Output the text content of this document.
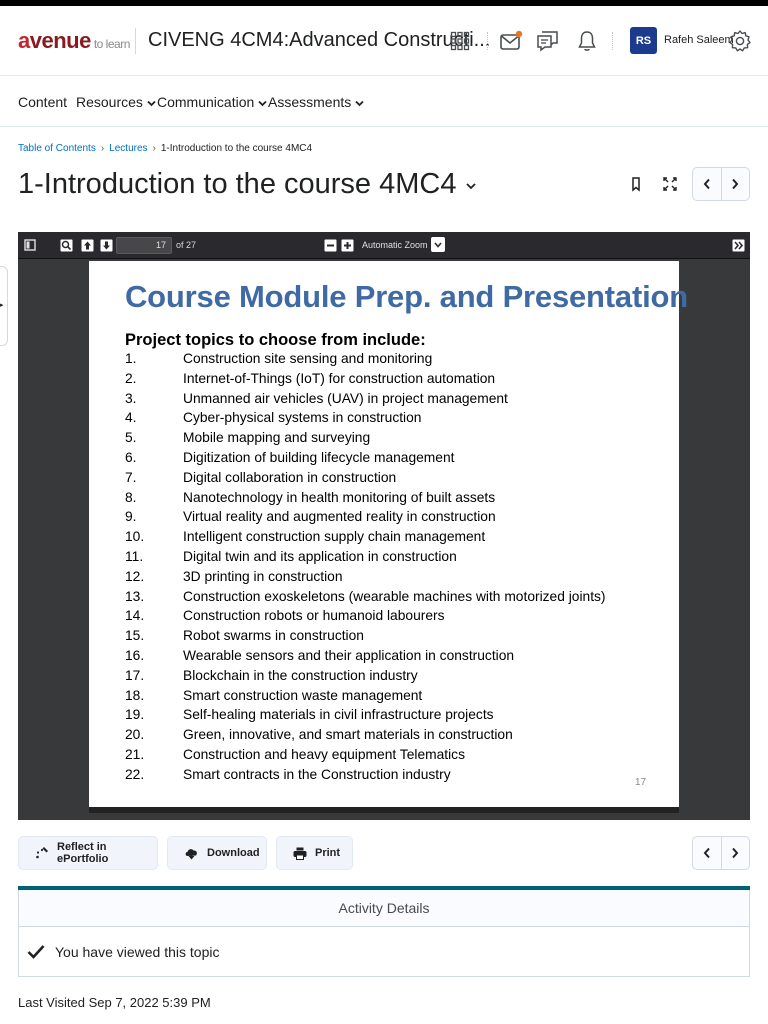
avenue to learn CIVENG 4CM4:Advanced Constructi...	RS	Rafeh Saleem
Content Resources	Communication Assessments
Table of Contents › Lectures › 1-Introduction to the course 4MC4
1-Introduction to the course 4MC4
▸
17	of 27	Automatic Zoom
Course Module Prep. and Presentation
Project topics to choose from include:
1.	Construction site sensing and monitoring
2.	Internet-of-Things (IoT) for construction automation
3.	Unmanned air vehicles (UAV) in project management
4.	Cyber-physical systems in construction
5.	Mobile mapping and surveying
6.	Digitization of building lifecycle management
7.	Digital collaboration in construction
8.	Nanotechnology in health monitoring of built assets
9.	Virtual reality and augmented reality in construction
10.	Intelligent construction supply chain management
11.	Digital twin and its application in construction
12.	3D printing in construction
13.	Construction exoskeletons (wearable machines with motorized joints)
14.	Construction robots or humanoid labourers
15.	Robot swarms in construction
16.	Wearable sensors and their application in construction
17.	Blockchain in the construction industry
18.	Smart construction waste management
19.	Self-healing materials in civil infrastructure projects
20.	Green, innovative, and smart materials in construction
21.	Construction and heavy equipment Telematics
22.	Smart contracts in the Construction industry
17
Reflect in ePortfolio	Download	Print
Activity Details
You have viewed this topic
Last Visited Sep 7, 2022 5:39 PM
